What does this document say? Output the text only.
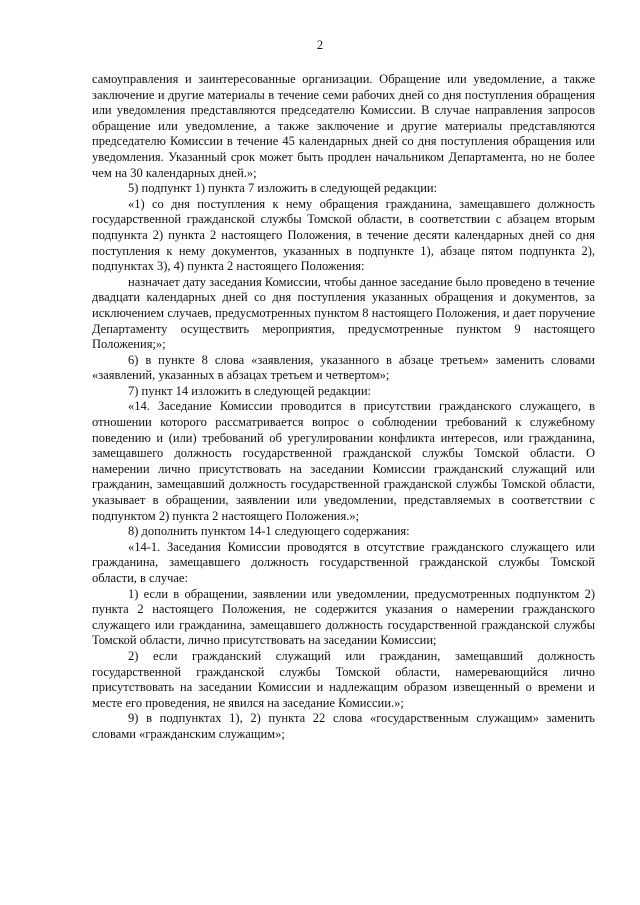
2

самоуправления и заинтересованные организации. Обращение или уведомление, а также заключение и другие материалы в течение семи рабочих дней со дня поступления обращения или уведомления представляются председателю Комиссии. В случае направления запросов обращение или уведомление, а также заключение и другие материалы представляются председателю Комиссии в течение 45 календарных дней со дня поступления обращения или уведомления. Указанный срок может быть продлен начальником Департамента, но не более чем на 30 календарных дней.»;

5) подпункт 1) пункта 7 изложить в следующей редакции:

«1) со дня поступления к нему обращения гражданина, замещавшего должность государственной гражданской службы Томской области, в соответствии с абзацем вторым подпункта 2) пункта 2 настоящего Положения, в течение десяти календарных дней со дня поступления к нему документов, указанных в подпункте 1), абзаце пятом подпункта 2), подпунктах 3), 4) пункта 2 настоящего Положения:

назначает дату заседания Комиссии, чтобы данное заседание было проведено в течение двадцати календарных дней со дня поступления указанных обращения и документов, за исключением случаев, предусмотренных пунктом 8 настоящего Положения, и дает поручение Департаменту осуществить мероприятия, предусмотренные пунктом 9 настоящего Положения;»;

6) в пункте 8 слова «заявления, указанного в абзаце третьем» заменить словами «заявлений, указанных в абзацах третьем и четвертом»;

7) пункт 14 изложить в следующей редакции:

«14. Заседание Комиссии проводится в присутствии гражданского служащего, в отношении которого рассматривается вопрос о соблюдении требований к служебному поведению и (или) требований об урегулировании конфликта интересов, или гражданина, замещавшего должность государственной гражданской службы Томской области. О намерении лично присутствовать на заседании Комиссии гражданский служащий или гражданин, замещавший должность государственной гражданской службы Томской области, указывает в обращении, заявлении или уведомлении, представляемых в соответствии с подпунктом 2) пункта 2 настоящего Положения.»;

8) дополнить пунктом 14-1 следующего содержания:

«14-1. Заседания Комиссии проводятся в отсутствие гражданского служащего или гражданина, замещавшего должность государственной гражданской службы Томской области, в случае:

1) если в обращении, заявлении или уведомлении, предусмотренных подпунктом 2) пункта 2 настоящего Положения, не содержится указания о намерении гражданского служащего или гражданина, замещавшего должность государственной гражданской службы Томской области, лично присутствовать на заседании Комиссии;

2) если гражданский служащий или гражданин, замещавший должность государственной гражданской службы Томской области, намеревающийся лично присутствовать на заседании Комиссии и надлежащим образом извещенный о времени и месте его проведения, не явился на заседание Комиссии.»;

9) в подпунктах 1), 2) пункта 22 слова «государственным служащим» заменить словами «гражданским служащим»;
